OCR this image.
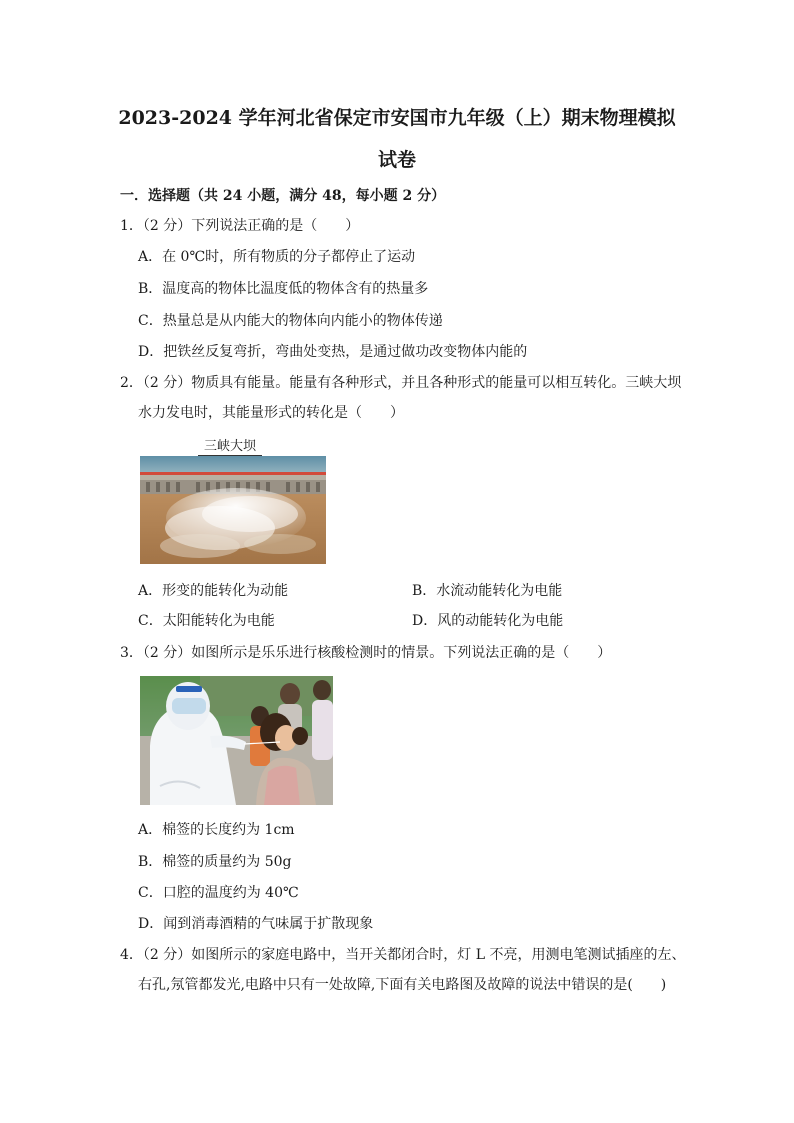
2023-2024 学年河北省保定市安国市九年级（上）期末物理模拟
试卷
一．选择题（共 24 小题，满分 48，每小题 2 分）
1．（2 分）下列说法正确的是（　　）
A．在 0℃时，所有物质的分子都停止了运动
B．温度高的物体比温度低的物体含有的热量多
C．热量总是从内能大的物体向内能小的物体传递
D．把铁丝反复弯折，弯曲处变热，是通过做功改变物体内能的
2．（2 分）物质具有能量。能量有各种形式，并且各种形式的能量可以相互转化。三峡大坝
水力发电时，其能量形式的转化是（　　）
三峡大坝
A．形变的能转化为动能	B．水流动能转化为电能
C．太阳能转化为电能	D．风的动能转化为电能
3．（2 分）如图所示是乐乐进行核酸检测时的情景。下列说法正确的是（　　）
A．棉签的长度约为 1cm
B．棉签的质量约为 50g
C．口腔的温度约为 40℃
D．闻到消毒酒精的气味属于扩散现象
4．（2 分）如图所示的家庭电路中，当开关都闭合时，灯 L 不亮，用测电笔测试插座的左、
右孔,氖管都发光,电路中只有一处故障,下面有关电路图及故障的说法中错误的是(　　)
